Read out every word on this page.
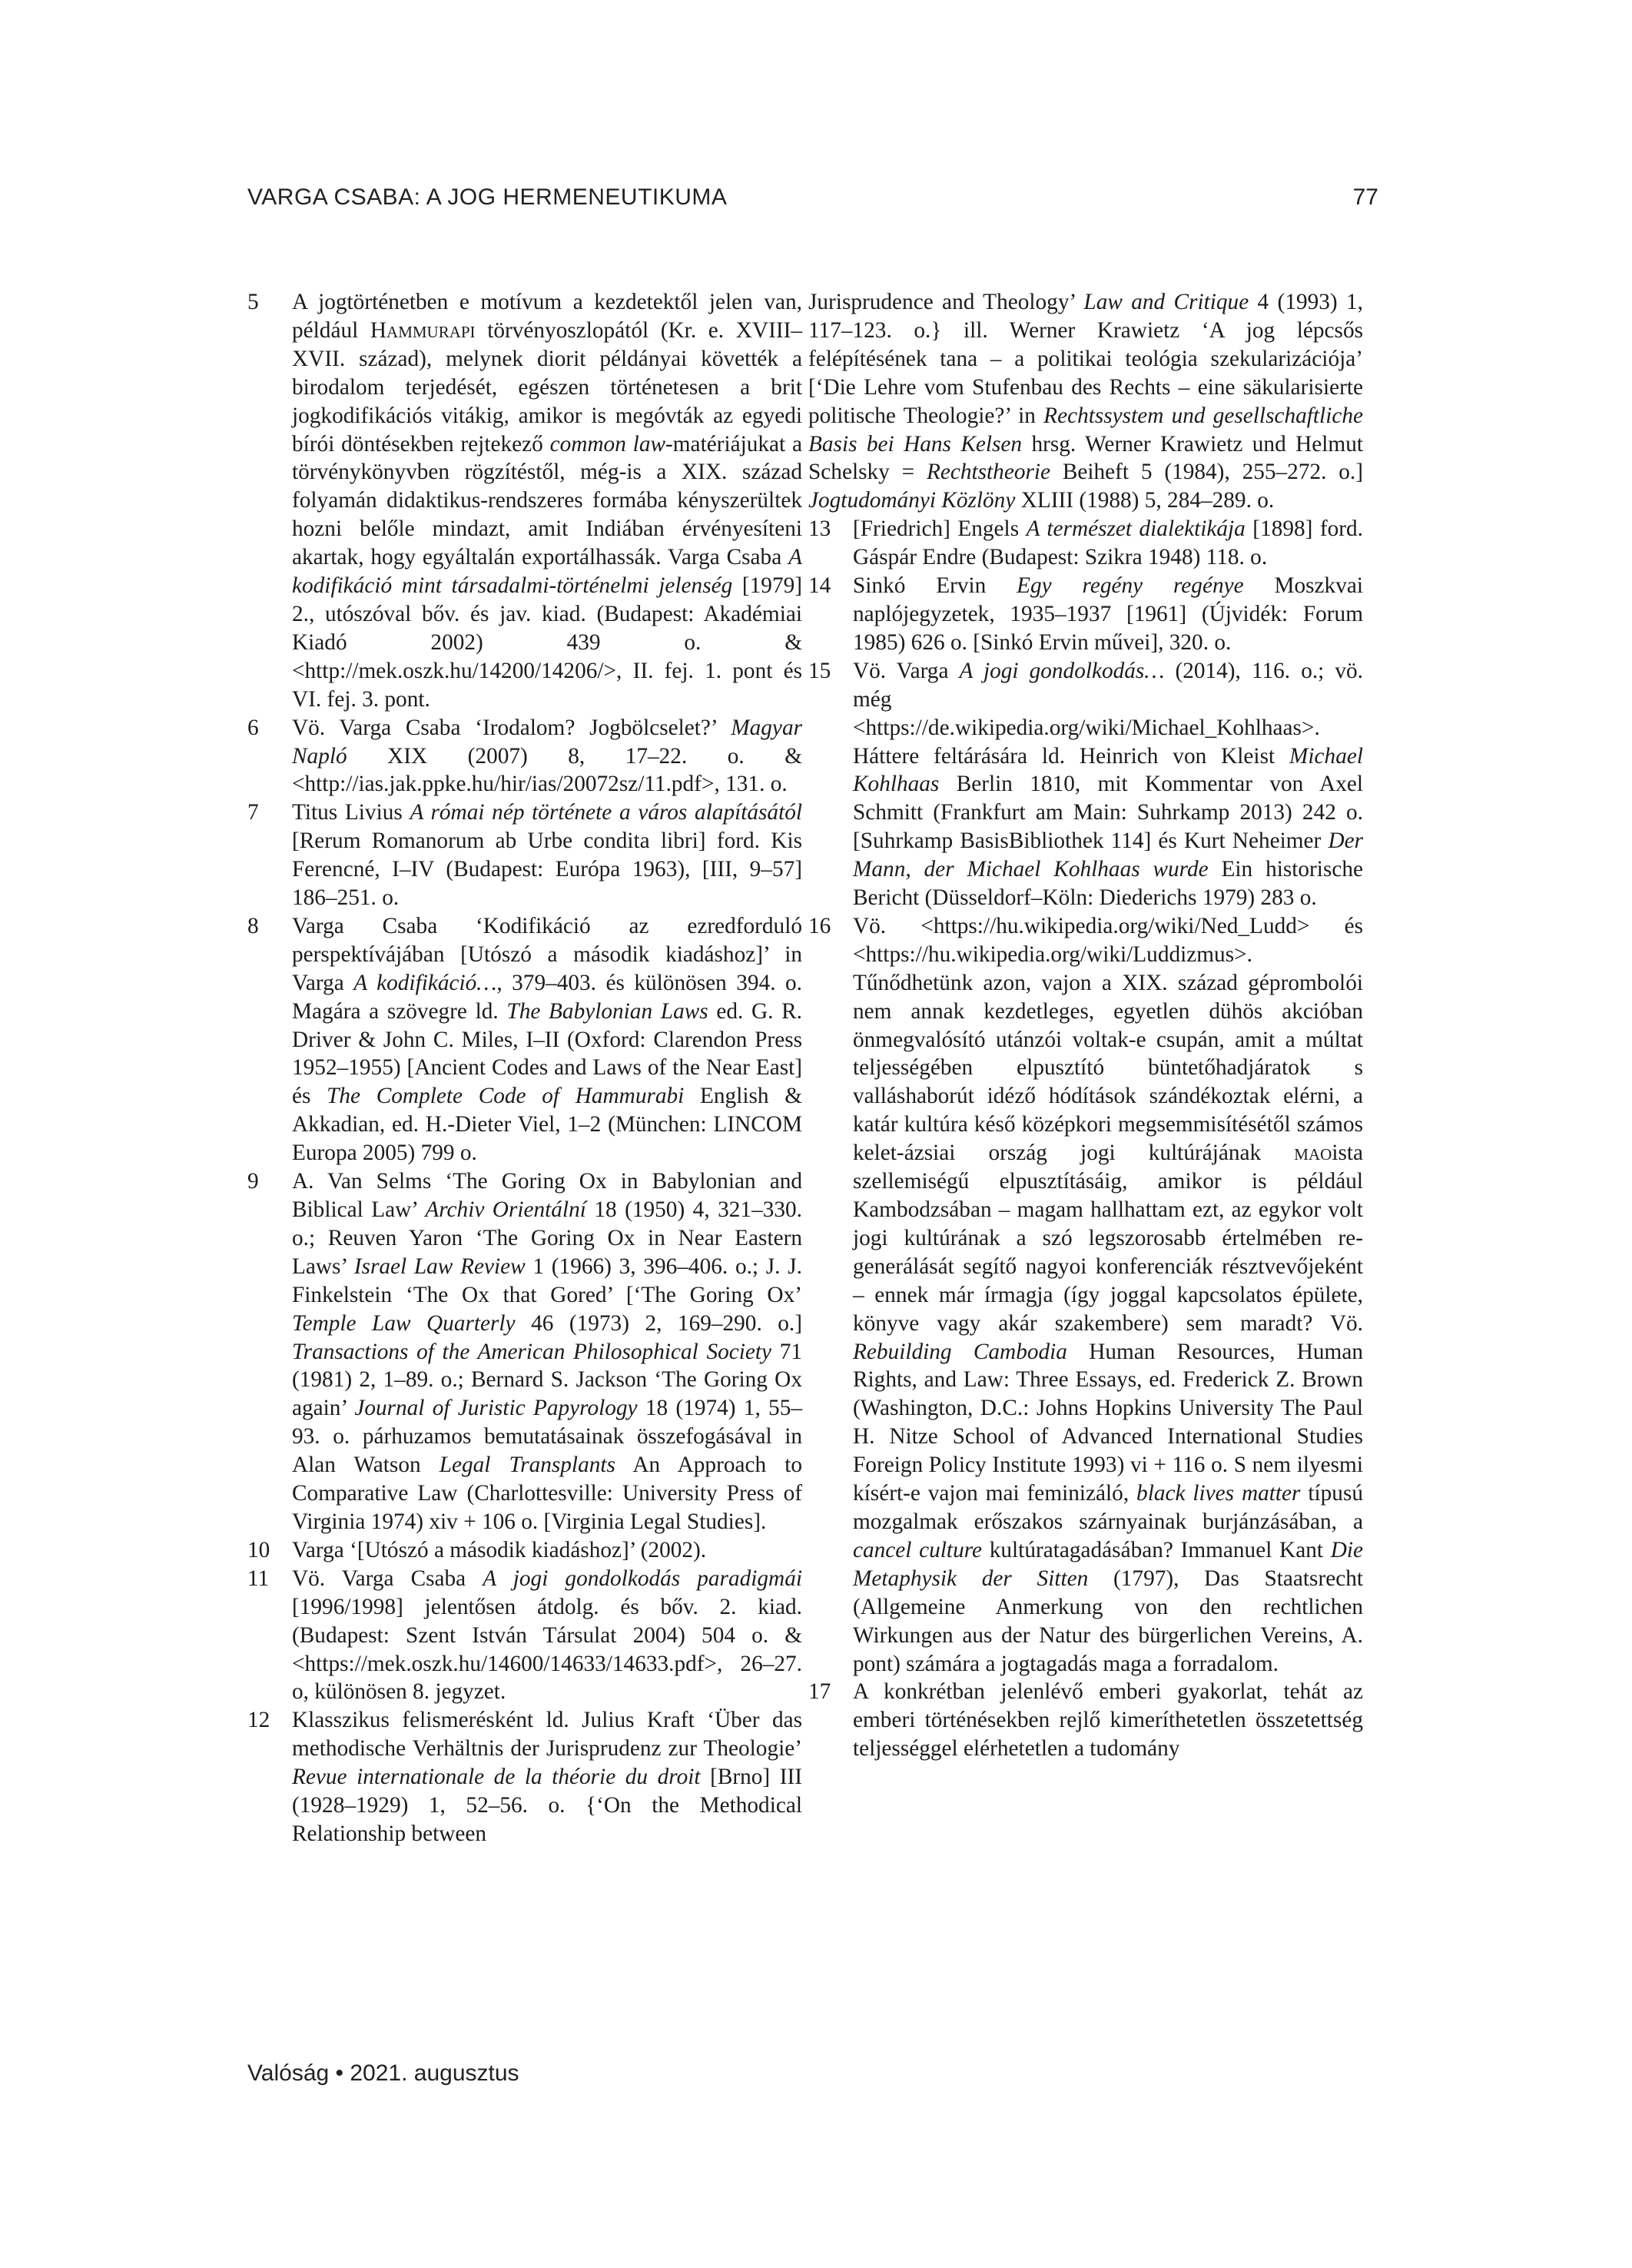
VARGA CSABA: A JOG HERMENEUTIKUMA	77
5 A jogtörténetben e motívum a kezdetektől jelen van, például Hammurapi törvényoszlopától (Kr. e. XVIII–XVII. század), melynek diorit példányai követték a birodalom terjedését, egészen történetesen a brit jogkodifikációs vitákig, amikor is megóvták az egyedi bírói döntésekben rejtekező common law-matériájukat a törvénykönyvben rögzítéstől, még-is a XIX. század folyamán didaktikus-rendszeres formába kényszerültek hozni belőle mindazt, amit Indiában érvényesíteni akartak, hogy egyáltalán exportálhassák. Varga Csaba A kodifikáció mint társadalmi-történelmi jelenség [1979] 2., utószóval bőv. és jav. kiad. (Budapest: Akadémiai Kiadó 2002) 439 o. & <http://mek.oszk.hu/14200/14206/>, II. fej. 1. pont és VI. fej. 3. pont.
6 Vö. Varga Csaba ‘Irodalom? Jogbölcselet?’ Magyar Napló XIX (2007) 8, 17–22. o. & <http://ias.jak.ppke.hu/hir/ias/20072sz/11.pdf>, 131. o.
7 Titus Livius A római nép története a város alapításától [Rerum Romanorum ab Urbe condita libri] ford. Kis Ferencné, I–IV (Budapest: Európa 1963), [III, 9–57] 186–251. o.
8 Varga Csaba ‘Kodifikáció az ezredforduló perspektívájában [Utószó a második kiadáshoz]’ in Varga A kodifikáció…, 379–403. és különösen 394. o. Magára a szövegre ld. The Babylonian Laws ed. G. R. Driver & John C. Miles, I–II (Oxford: Clarendon Press 1952–1955) [Ancient Codes and Laws of the Near East] és The Complete Code of Hammurabi English & Akkadian, ed. H.-Dieter Viel, 1–2 (München: LINCOM Europa 2005) 799 o.
9 A. Van Selms ‘The Goring Ox in Babylonian and Biblical Law’ Archiv Orientální 18 (1950) 4, 321–330. o.; Reuven Yaron ‘The Goring Ox in Near Eastern Laws’ Israel Law Review 1 (1966) 3, 396–406. o.; J. J. Finkelstein ‘The Ox that Gored’ [‘The Goring Ox’ Temple Law Quarterly 46 (1973) 2, 169–290. o.] Transactions of the American Philosophical Society 71 (1981) 2, 1–89. o.; Bernard S. Jackson ‘The Goring Ox again’ Journal of Juristic Papyrology 18 (1974) 1, 55–93. o. párhuzamos bemutatásainak összefogásával in Alan Watson Legal Transplants An Approach to Comparative Law (Charlottesville: University Press of Virginia 1974) xiv + 106 o. [Virginia Legal Studies].
10 Varga ‘[Utószó a második kiadáshoz]’ (2002).
11 Vö. Varga Csaba A jogi gondolkodás paradigmái [1996/1998] jelentősen átdolg. és bőv. 2. kiad. (Budapest: Szent István Társulat 2004) 504 o. & <https://mek.oszk.hu/14600/14633/14633.pdf>, 26–27. o, különösen 8. jegyzet.
12 Klasszikus felismerésként ld. Julius Kraft ‘Über das methodische Verhältnis der Jurisprudenz zur Theologie’ Revue internationale de la théorie du droit [Brno] III (1928–1929) 1, 52–56. o. {‘On the Methodical Relationship between
Jurisprudence and Theology’ Law and Critique 4 (1993) 1, 117–123. o.} ill. Werner Krawietz ‘A jog lépcsős felépítésének tana – a politikai teológia szekularizációja’ [‘Die Lehre vom Stufenbau des Rechts – eine säkularisierte politische Theologie?’ in Rechtssystem und gesellschaftliche Basis bei Hans Kelsen hrsg. Werner Krawietz und Helmut Schelsky = Rechtstheorie Beiheft 5 (1984), 255–272. o.] Jogtudományi Közlöny XLIII (1988) 5, 284–289. o.
13 [Friedrich] Engels A természet dialektikája [1898] ford. Gáspár Endre (Budapest: Szikra 1948) 118. o.
14 Sinkó Ervin Egy regény regénye Moszkvai naplójegyzetek, 1935–1937 [1961] (Újvidék: Forum 1985) 626 o. [Sinkó Ervin művei], 320. o.
15 Vö. Varga A jogi gondolkodás… (2014), 116. o.; vö. még <https://de.wikipedia.org/wiki/Michael_Kohlhaas>. Háttere feltárására ld. Heinrich von Kleist Michael Kohlhaas Berlin 1810, mit Kommentar von Axel Schmitt (Frankfurt am Main: Suhrkamp 2013) 242 o. [Suhrkamp BasisBibliothek 114] és Kurt Neheimer Der Mann, der Michael Kohlhaas wurde Ein historische Bericht (Düsseldorf–Köln: Diederichs 1979) 283 o.
16 Vö. <https://hu.wikipedia.org/wiki/Ned_Ludd> és <https://hu.wikipedia.org/wiki/Luddizmus>. Tűnődhetünk azon, vajon a XIX. század géprombolói nem annak kezdetleges, egyetlen dühös akcióban önmegvalósító utánzói voltak-e csupán, amit a múltat teljességében elpusztító büntetőhadjáratok s valláshaborút idéző hódítások szándékoztak elérni, a katár kultúra késő középkori megsemmisítésétől számos kelet-ázsiai ország jogi kultúrájának maoista szellemiségű elpusztításáig, amikor is például Kambodzsában – magam hallhattam ezt, az egykor volt jogi kultúrának a szó legszorosabb értelmében re-generálását segítő nagyoi konferenciák résztvevőjeként – ennek már írmagja (így joggal kapcsolatos épülete, könyve vagy akár szakembere) sem maradt? Vö. Rebuilding Cambodia Human Resources, Human Rights, and Law: Three Essays, ed. Frederick Z. Brown (Washington, D.C.: Johns Hopkins University The Paul H. Nitze School of Advanced International Studies Foreign Policy Institute 1993) vi + 116 o. S nem ilyesmi kísért-e vajon mai feminizáló, black lives matter típusú mozgalmak erőszakos szárnyainak burjánzásában, a cancel culture kultúratagadásában? Immanuel Kant Die Metaphysik der Sitten (1797), Das Staatsrecht (Allgemeine Anmerkung von den rechtlichen Wirkungen aus der Natur des bürgerlichen Vereins, A. pont) számára a jogtagadás maga a forradalom.
17 A konkrétban jelenlévő emberi gyakorlat, tehát az emberi történésekben rejlő kimeríthetetlen összetettség teljességgel elérhetetlen a tudomány
Valóság • 2021. augusztus
